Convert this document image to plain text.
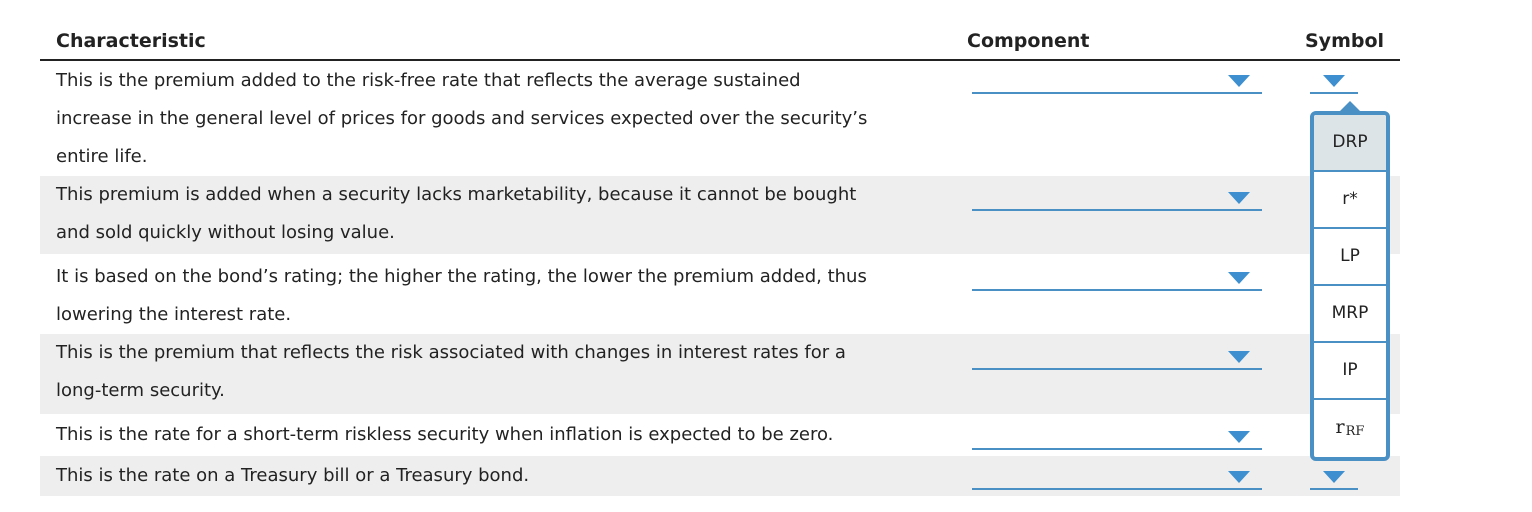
Characteristic	Component	Symbol
This is the premium added to the risk-free rate that reflects the average sustained
increase in the general level of prices for goods and services expected over the security’s
entire life.
This premium is added when a security lacks marketability, because it cannot be bought
and sold quickly without losing value.
It is based on the bond’s rating; the higher the rating, the lower the premium added, thus
lowering the interest rate.
This is the premium that reflects the risk associated with changes in interest rates for a
long-term security.
This is the rate for a short-term riskless security when inflation is expected to be zero.
This is the rate on a Treasury bill or a Treasury bond.
DRP
r*
LP
MRP
IP
$r_{RF}$
